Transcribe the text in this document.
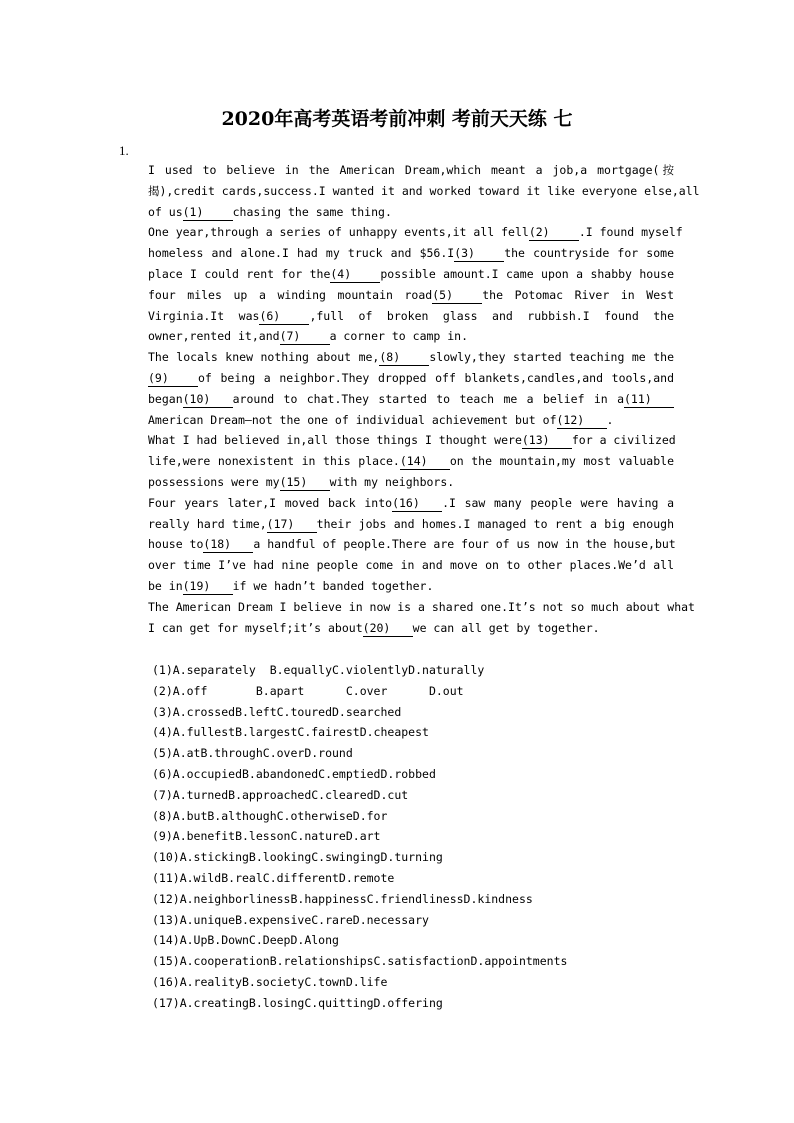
2020年高考英语考前冲刺 考前天天练 七
1.
I used to believe in the American Dream,which meant a job,a mortgage(按
揭),credit cards,success.I wanted it and worked toward it like everyone else,all
of us(1)	chasing the same thing.
One year,through a series of unhappy events,it all fell(2)	.I found myself
homeless and alone.I had my truck and $56.I(3)	the countryside for some
place I could rent for the(4)	possible amount.I came upon a shabby house
four miles up a winding mountain road(5)	the Potomac River in West
Virginia.It was(6)	,full of broken glass and rubbish.I found the
owner,rented it,and(7)	a corner to camp in.
The locals knew nothing about me,(8)	slowly,they started teaching me the
(9)	of being a neighbor.They dropped off blankets,candles,and tools,and
began(10) around to chat.They started to teach me a belief in a(11)
American Dream—not the one of individual achievement but of(12) .
What I had believed in,all those things I thought were(13) for a civilized
life,were nonexistent in this place.(14) on the mountain,my most valuable
possessions were my(15) with my neighbors.
Four years later,I moved back into(16) .I saw many people were having a
really hard time,(17) their jobs and homes.I managed to rent a big enough
house to(18) a handful of people.There are four of us now in the house,but
over time I’ve had nine people come in and move on to other places.We’d all
be in(19) if we hadn’t banded together.
The American Dream I believe in now is a shared one.It’s not so much about what
I can get for myself;it’s about(20) we can all get by together.
(1)A.separately  B.equallyC.violentlyD.naturally
(2)A.off       B.apart      C.over      D.out
(3)A.crossedB.leftC.touredD.searched
(4)A.fullestB.largestC.fairestD.cheapest
(5)A.atB.throughC.overD.round
(6)A.occupiedB.abandonedC.emptiedD.robbed
(7)A.turnedB.approachedC.clearedD.cut
(8)A.butB.althoughC.otherwiseD.for
(9)A.benefitB.lessonC.natureD.art
(10)A.stickingB.lookingC.swingingD.turning
(11)A.wildB.realC.differentD.remote
(12)A.neighborlinessB.happinessC.friendlinessD.kindness
(13)A.uniqueB.expensiveC.rareD.necessary
(14)A.UpB.DownC.DeepD.Along
(15)A.cooperationB.relationshipsC.satisfactionD.appointments
(16)A.realityB.societyC.townD.life
(17)A.creatingB.losingC.quittingD.offering
